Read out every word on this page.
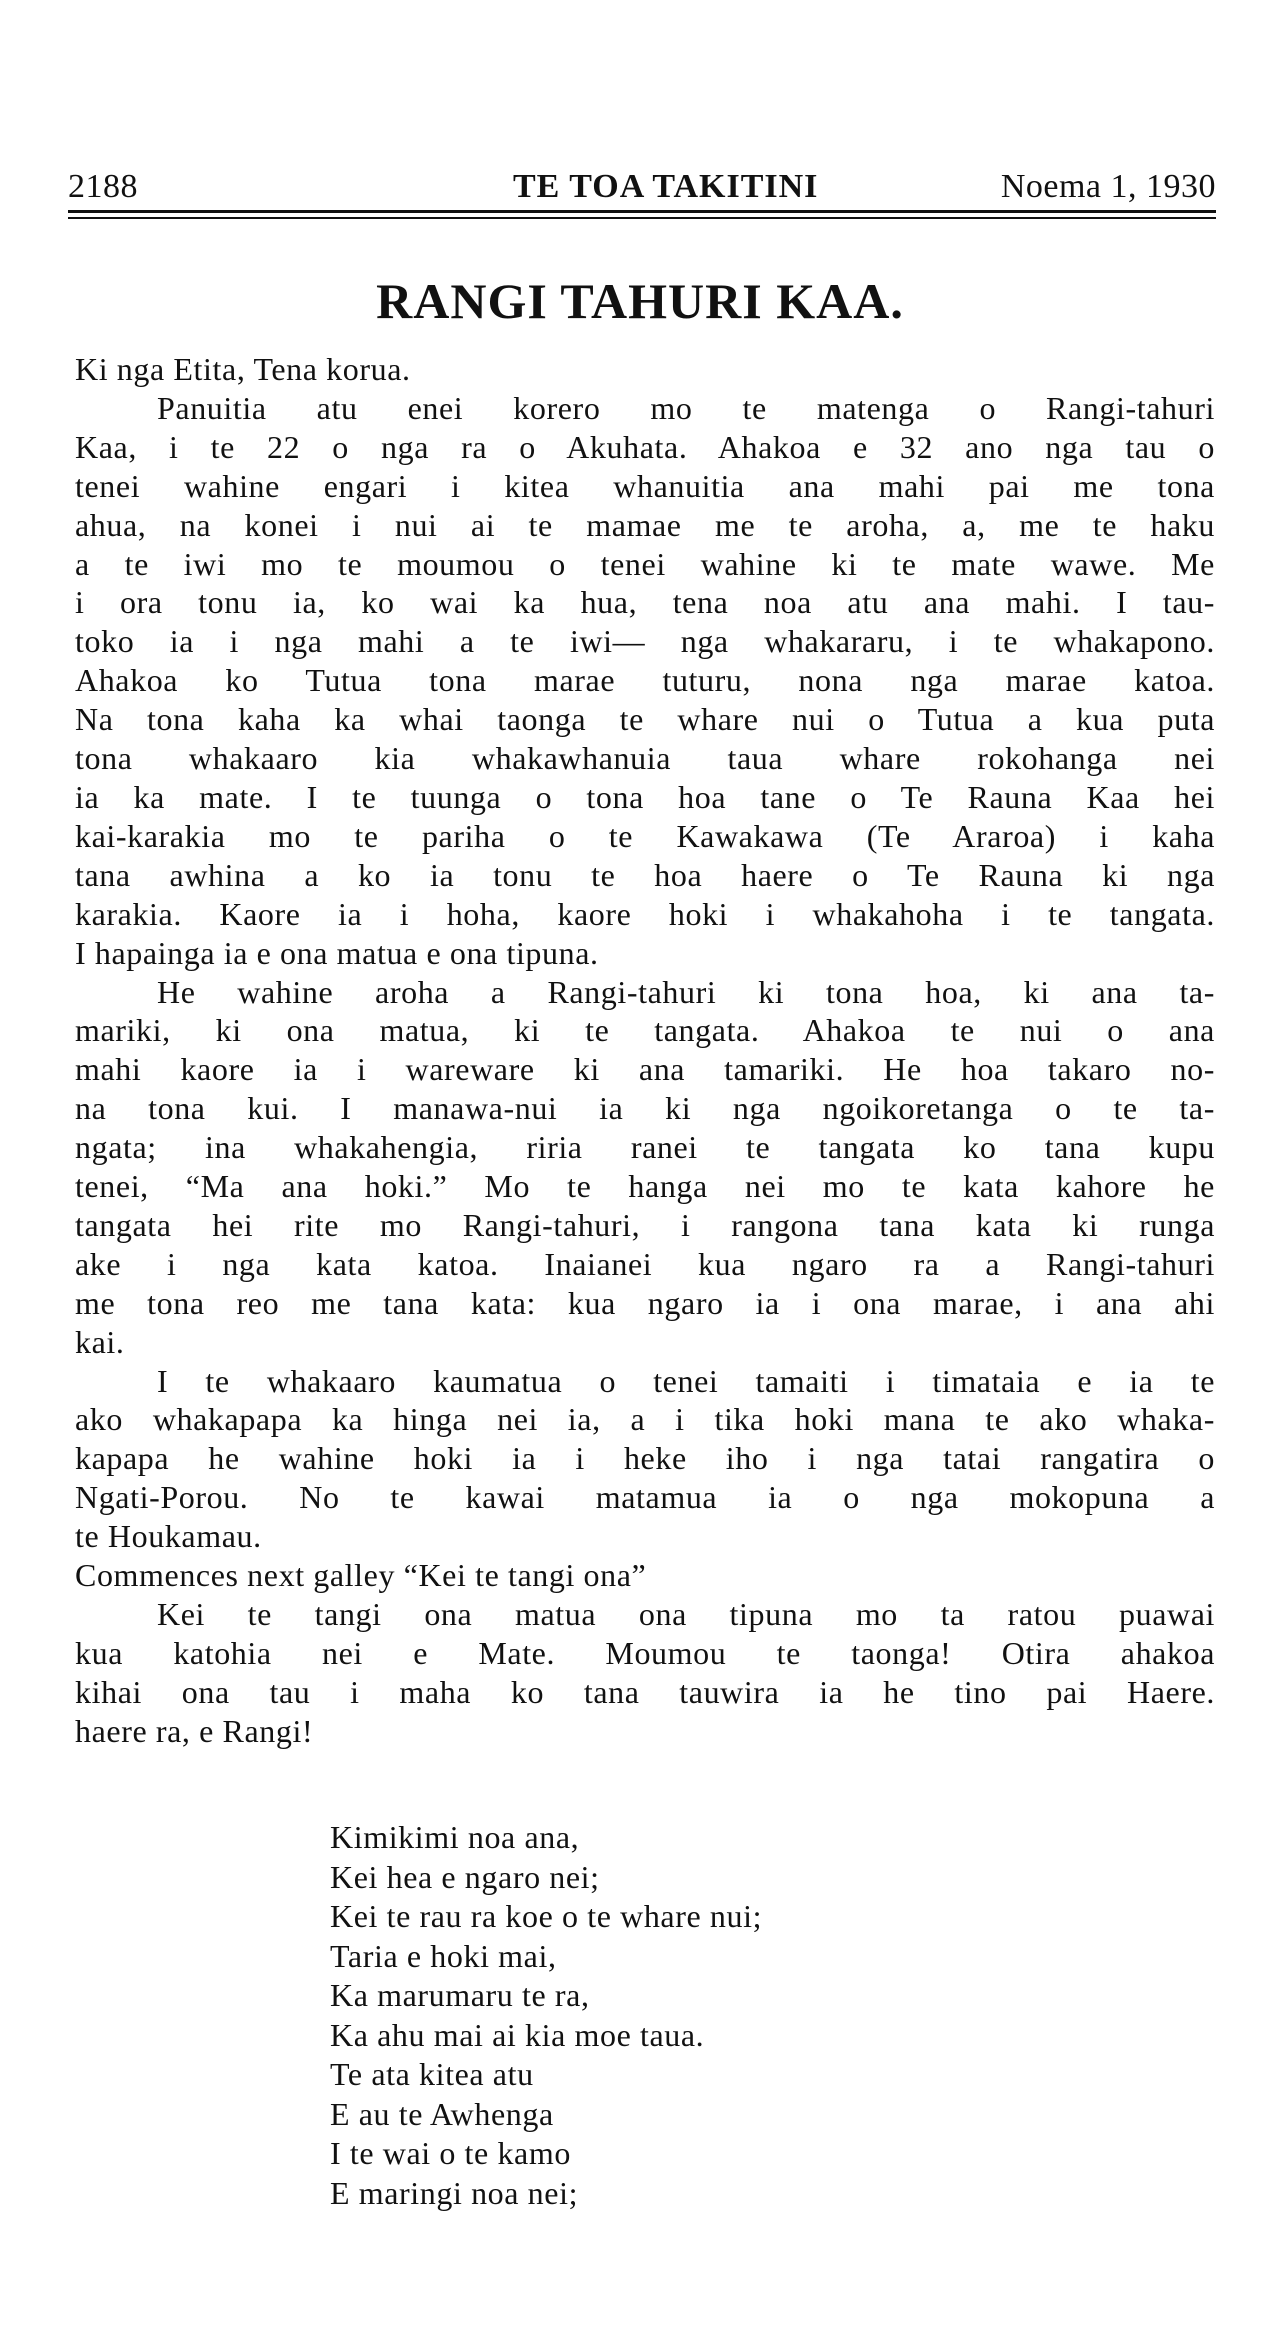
2188	TE TOA TAKITINI	Noema 1, 1930
RANGI TAHURI KAA.
Ki nga Etita, Tena korua.
Panuitia atu enei korero mo te matenga o Rangi-tahuri
Kaa, i te 22 o nga ra o Akuhata. Ahakoa e 32 ano nga tau o
tenei wahine engari i kitea whanuitia ana mahi pai me tona
ahua, na konei i nui ai te mamae me te aroha, a, me te haku
a te iwi mo te moumou o tenei wahine ki te mate wawe. Me
i ora tonu ia, ko wai ka hua, tena noa atu ana mahi. I tau-
toko ia i nga mahi a te iwi— nga whakararu, i te whakapono.
Ahakoa ko Tutua tona marae tuturu, nona nga marae katoa.
Na tona kaha ka whai taonga te whare nui o Tutua a kua puta
tona whakaaro kia whakawhanuia taua whare rokohanga nei
ia ka mate. I te tuunga o tona hoa tane o Te Rauna Kaa hei
kai-karakia mo te pariha o te Kawakawa (Te Araroa) i kaha
tana awhina a ko ia tonu te hoa haere o Te Rauna ki nga
karakia. Kaore ia i hoha, kaore hoki i whakahoha i te tangata.
I hapainga ia e ona matua e ona tipuna.
He wahine aroha a Rangi-tahuri ki tona hoa, ki ana ta-
mariki, ki ona matua, ki te tangata. Ahakoa te nui o ana
mahi kaore ia i wareware ki ana tamariki. He hoa takaro no-
na tona kui. I manawa-nui ia ki nga ngoikoretanga o te ta-
ngata; ina whakahengia, riria ranei te tangata ko tana kupu
tenei, “Ma ana hoki.” Mo te hanga nei mo te kata kahore he
tangata hei rite mo Rangi-tahuri, i rangona tana kata ki runga
ake i nga kata katoa. Inaianei kua ngaro ra a Rangi-tahuri
me tona reo me tana kata: kua ngaro ia i ona marae, i ana ahi
kai.
I te whakaaro kaumatua o tenei tamaiti i timataia e ia te
ako whakapapa ka hinga nei ia, a i tika hoki mana te ako whaka-
kapapa he wahine hoki ia i heke iho i nga tatai rangatira o
Ngati-Porou. No te kawai matamua ia o nga mokopuna a
te Houkamau.
Commences next galley “Kei te tangi ona”
Kei te tangi ona matua ona tipuna mo ta ratou puawai
kua katohia nei e Mate. Moumou te taonga! Otira ahakoa
kihai ona tau i maha ko tana tauwira ia he tino pai Haere.
haere ra, e Rangi!
Kimikimi noa ana,
Kei hea e ngaro nei;
Kei te rau ra koe o te whare nui;
Taria e hoki mai,
Ka marumaru te ra,
Ka ahu mai ai kia moe taua.
Te ata kitea atu
E au te Awhenga
I te wai o te kamo
E maringi noa nei;
